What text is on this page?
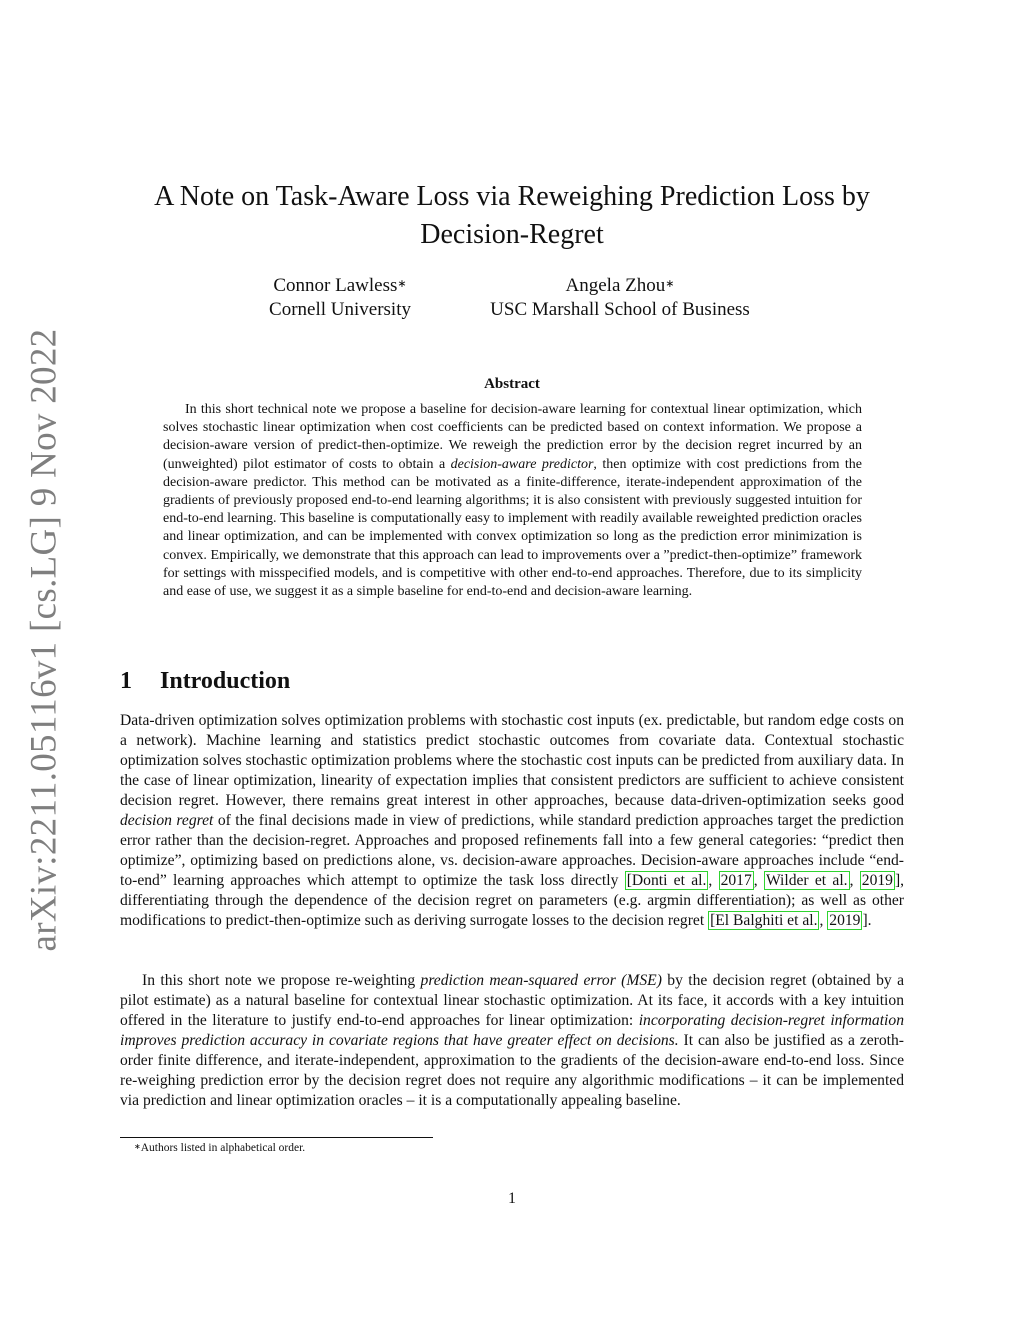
arXiv:2211.05116v1 [cs.LG] 9 Nov 2022
A Note on Task-Aware Loss via Reweighing Prediction Loss by Decision-Regret
Connor Lawless∗
Cornell University
Angela Zhou∗
USC Marshall School of Business
Abstract

In this short technical note we propose a baseline for decision-aware learning for contextual linear optimization, which solves stochastic linear optimization when cost coefficients can be predicted based on context information. We propose a decision-aware version of predict-then-optimize. We reweigh the prediction error by the decision regret incurred by an (unweighted) pilot estimator of costs to obtain a decision-aware predictor, then optimize with cost predictions from the decision-aware predictor. This method can be motivated as a finite-difference, iterate-independent approximation of the gradients of previously proposed end-to-end learning algorithms; it is also consistent with previously suggested intuition for end-to-end learning. This baseline is computationally easy to implement with readily available reweighted prediction oracles and linear optimization, and can be implemented with convex optimization so long as the prediction error minimization is convex. Empirically, we demonstrate that this approach can lead to improvements over a ”predict-then-optimize” framework for settings with misspecified models, and is competitive with other end-to-end approaches. Therefore, due to its simplicity and ease of use, we suggest it as a simple baseline for end-to-end and decision-aware learning.

1 Introduction

Data-driven optimization solves optimization problems with stochastic cost inputs (ex. predictable, but random edge costs on a network). Machine learning and statistics predict stochastic outcomes from covariate data. Contextual stochastic optimization solves stochastic optimization problems where the stochastic cost inputs can be predicted from auxiliary data. In the case of linear optimization, linearity of expectation implies that consistent predictors are sufficient to achieve consistent decision regret. However, there remains great interest in other approaches, because data-driven-optimization seeks good decision regret of the final decisions made in view of predictions, while standard prediction approaches target the prediction error rather than the decision-regret. Approaches and proposed refinements fall into a few general categories: “predict then optimize”, optimizing based on predictions alone, vs. decision-aware approaches. Decision-aware approaches include “end-to-end” learning approaches which attempt to optimize the task loss directly [Donti et al. , 2017 , Wilder et al. , 2019 ], differentiating through the dependence of the decision regret on parameters (e.g. argmin differentiation); as well as other modifications to predict-then-optimize such as deriving surrogate losses to the decision regret [El Balghiti et al. , 2019 ].

In this short note we propose re-weighting prediction mean-squared error (MSE) by the decision regret (obtained by a pilot estimate) as a natural baseline for contextual linear stochastic optimization. At its face, it accords with a key intuition offered in the literature to justify end-to-end approaches for linear optimization: incorporating decision-regret information improves prediction accuracy in covariate regions that have greater effect on decisions. It can also be justified as a zeroth-order finite difference, and iterate-independent, approximation to the gradients of the decision-aware end-to-end loss. Since re-weighing prediction error by the decision regret does not require any algorithmic modifications – it can be implemented via prediction and linear optimization oracles – it is a computationally appealing baseline.

∗Authors listed in alphabetical order.
1
